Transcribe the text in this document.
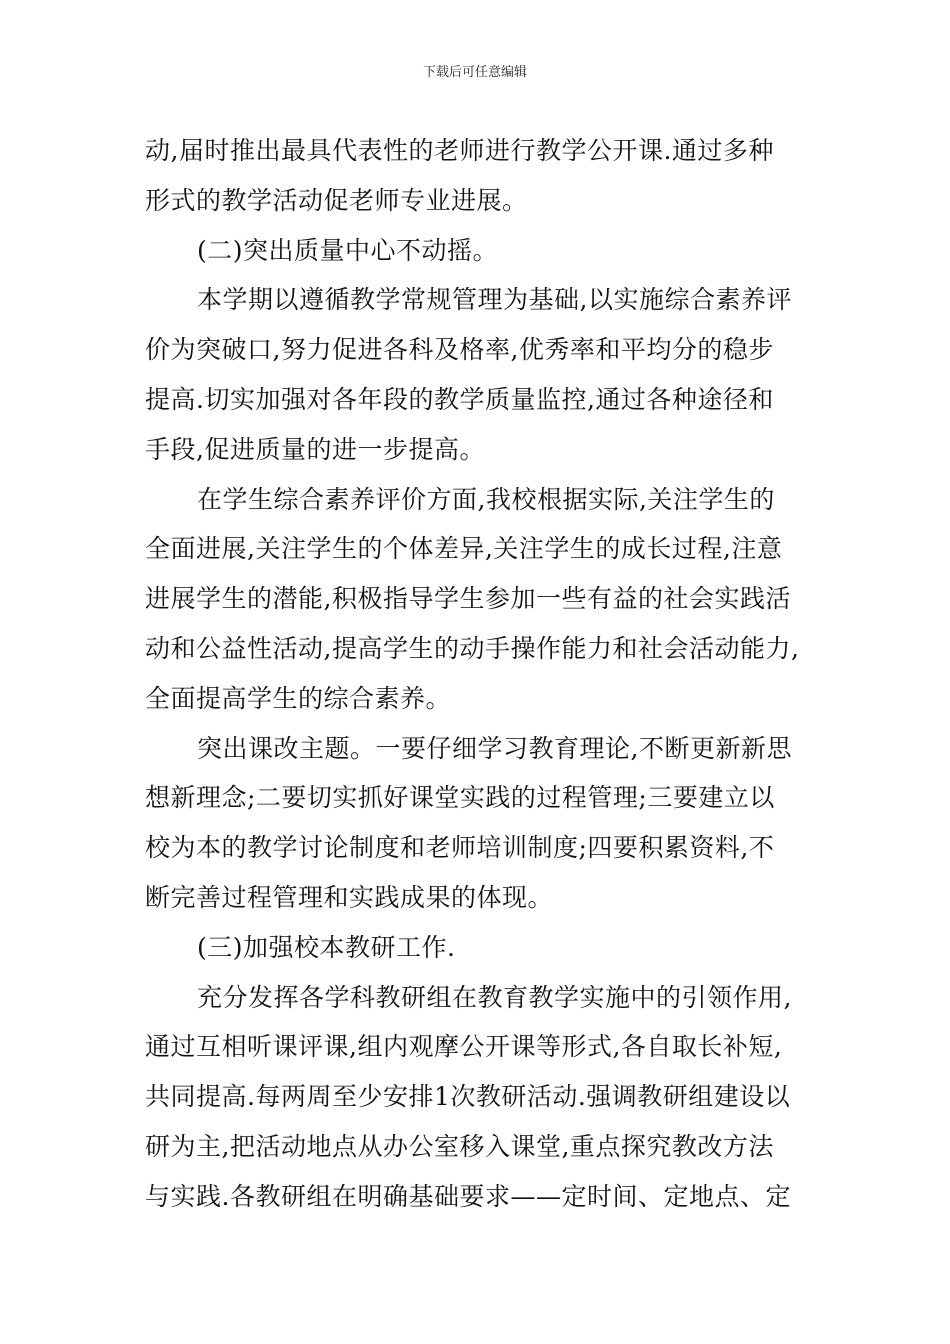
下载后可任意编辑
动,届时推出最具代表性的老师进行教学公开课.通过多种
形式的教学活动促老师专业进展。
(二)突出质量中心不动摇。
本学期以遵循教学常规管理为基础,以实施综合素养评
价为突破口,努力促进各科及格率,优秀率和平均分的稳步
提高.切实加强对各年段的教学质量监控,通过各种途径和
手段,促进质量的进一步提高。
在学生综合素养评价方面,我校根据实际,关注学生的
全面进展,关注学生的个体差异,关注学生的成长过程,注意
进展学生的潜能,积极指导学生参加一些有益的社会实践活
动和公益性活动,提高学生的动手操作能力和社会活动能力,
全面提高学生的综合素养。
突出课改主题。一要仔细学习教育理论,不断更新新思
想新理念;二要切实抓好课堂实践的过程管理;三要建立以
校为本的教学讨论制度和老师培训制度;四要积累资料,不
断完善过程管理和实践成果的体现。
(三)加强校本教研工作.
充分发挥各学科教研组在教育教学实施中的引领作用,
通过互相听课评课,组内观摩公开课等形式,各自取长补短,
共同提高.每两周至少安排1次教研活动.强调教研组建设以
研为主,把活动地点从办公室移入课堂,重点探究教改方法
与实践.各教研组在明确基础要求——定时间、定地点、定
